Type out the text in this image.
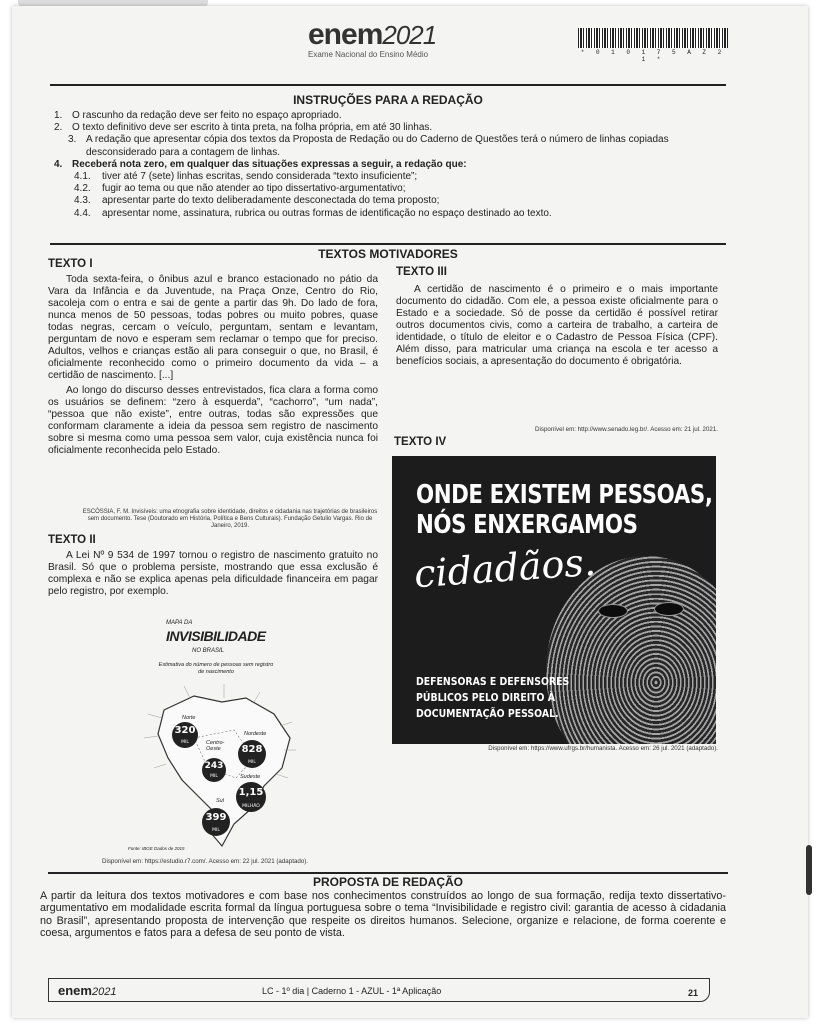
enem2021
Exame Nacional do Ensino Médio	* 0 1 0 1 7 5 A Z 2 1 *
INSTRUÇÕES PARA A REDAÇÃO
1. O rascunho da redação deve ser feito no espaço apropriado.
2. O texto definitivo deve ser escrito à tinta preta, na folha própria, em até 30 linhas.
3. A redação que apresentar cópia dos textos da Proposta de Redação ou do Caderno de Questões terá o número de linhas copiadas desconsiderado para a contagem de linhas.
4. Receberá nota zero, em qualquer das situações expressas a seguir, a redação que:
4.1. tiver até 7 (sete) linhas escritas, sendo considerada “texto insuficiente”;
4.2. fugir ao tema ou que não atender ao tipo dissertativo-argumentativo;
4.3. apresentar parte do texto deliberadamente desconectada do tema proposto;
4.4. apresentar nome, assinatura, rubrica ou outras formas de identificação no espaço destinado ao texto.
TEXTOS MOTIVADORES
TEXTO I

Toda sexta-feira, o ônibus azul e branco estacionado no pátio da Vara da Infância e da Juventude, na Praça Onze, Centro do Rio, sacoleja com o entra e sai de gente a partir das 9h. Do lado de fora, nunca menos de 50 pessoas, todas pobres ou muito pobres, quase todas negras, cercam o veículo, perguntam, sentam e levantam, perguntam de novo e esperam sem reclamar o tempo que for preciso. Adultos, velhos e crianças estão ali para conseguir o que, no Brasil, é oficialmente reconhecido como o primeiro documento da vida – a certidão de nascimento. [...]

Ao longo do discurso desses entrevistados, fica clara a forma como os usuários se definem: “zero à esquerda”, “cachorro”, “um nada”, “pessoa que não existe”, entre outras, todas são expressões que conformam claramente a ideia da pessoa sem registro de nascimento sobre si mesma como uma pessoa sem valor, cuja existência nunca foi oficialmente reconhecida pelo Estado.

ESCÓSSIA, F. M. Invisíveis: uma etnografia sobre identidade, direitos e cidadania nas trajetórias de brasileiros sem documento. Tese (Doutorado em História, Política e Bens Culturais). Fundação Getulio Vargas. Rio de Janeiro, 2019.
TEXTO II

A Lei Nº 9 534 de 1997 tornou o registro de nascimento gratuito no Brasil. Só que o problema persiste, mostrando que essa exclusão é complexa e não se explica apenas pela dificuldade financeira em pagar pelo registro, por exemplo.

MAPA DA
INVISIBILIDADE
NO BRASIL
Estimativa do número de pessoas sem registro de nascimento
Norte
320
MIL
Nordeste
828
MIL
Centro-Oeste
243
MIL	Sudeste
1,15
MILHÃO
Sul
399
MIL
Fonte: IBGE Dados de 2015
Disponível em: https://estudio.r7.com/. Acesso em: 22 jul. 2021 (adaptado).
TEXTO III

A certidão de nascimento é o primeiro e o mais importante documento do cidadão. Com ele, a pessoa existe oficialmente para o Estado e a sociedade. Só de posse da certidão é possível retirar outros documentos civis, como a carteira de trabalho, a carteira de identidade, o título de eleitor e o Cadastro de Pessoa Física (CPF). Além disso, para matricular uma criança na escola e ter acesso a benefícios sociais, a apresentação do documento é obrigatória.

Disponível em: http://www.senado.leg.br/. Acesso em: 21 jul. 2021.
TEXTO IV
ONDE EXISTEM PESSOAS,
NÓS ENXERGAMOS
cidadãos.
DEFENSORAS E DEFENSORES
PÚBLICOS PELO DIREITO À
DOCUMENTAÇÃO PESSOAL.
Disponível em: https://www.ufrgs.br/humanista. Acesso em: 26 jul. 2021 (adaptado).
PROPOSTA DE REDAÇÃO

A partir da leitura dos textos motivadores e com base nos conhecimentos construídos ao longo de sua formação, redija texto dissertativo-argumentativo em modalidade escrita formal da língua portuguesa sobre o tema “Invisibilidade e registro civil: garantia de acesso à cidadania no Brasil”, apresentando proposta de intervenção que respeite os direitos humanos. Selecione, organize e relacione, de forma coerente e coesa, argumentos e fatos para a defesa de seu ponto de vista.

enem2021	LC - 1º dia | Caderno 1 - AZUL - 1ª Aplicação	21
